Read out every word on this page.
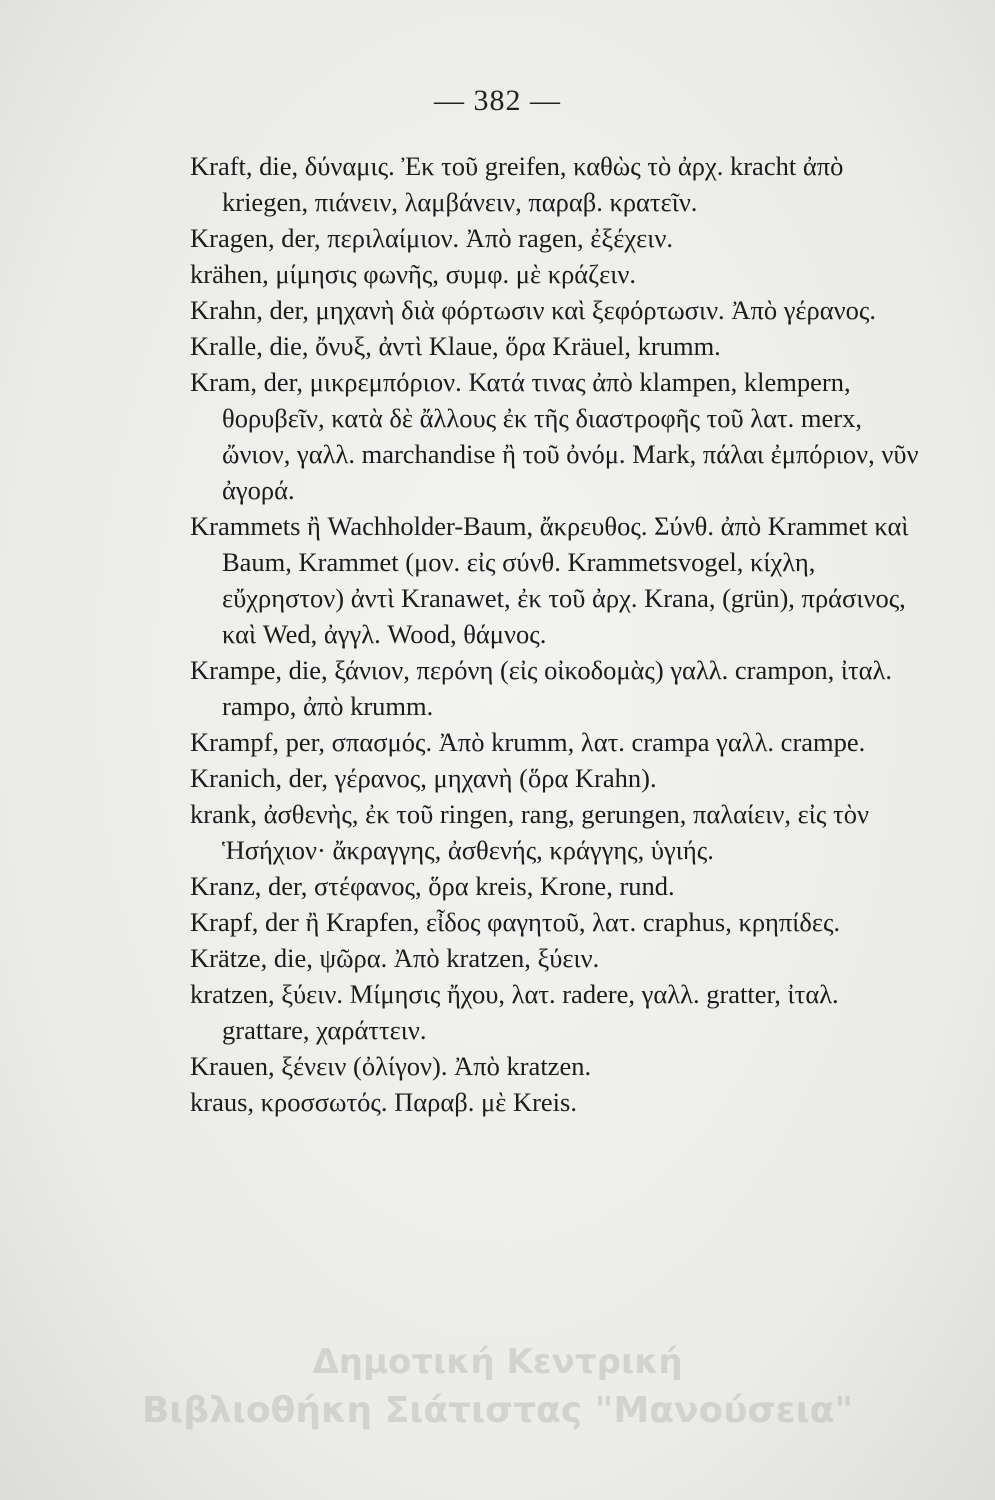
— 382 —

Kraft, die, δύναμις. Ἐκ τοῦ greifen, καθὼς τὸ ἀρχ. kracht ἀπὸ kriegen, πιάνειν, λαμβάνειν, παραβ. κρατεῖν.

Kragen, der, περιλαίμιον. Ἀπὸ ragen, ἐξέχειν.

krähen, μίμησις φωνῆς, συμφ. μὲ κράζειν.

Krahn, der, μηχανὴ διὰ φόρτωσιν καὶ ξεφόρτωσιν. Ἀπὸ γέρανος.

Kralle, die, ὄνυξ, ἀντὶ Klaue, ὅρα Kräuel, krumm.

Kram, der, μικρεμπόριον. Κατά τινας ἀπὸ klampen, klempern, θορυβεῖν, κατὰ δὲ ἄλλους ἐκ τῆς διαστροφῆς τοῦ λατ. merx, ὤνιον, γαλλ. marchandise ἢ τοῦ ὀνόμ. Mark, πάλαι ἐμπόριον, νῦν ἀγορά.

Krammets ἢ Wachholder-Baum, ἄκρευθος. Σύνθ. ἀπὸ Krammet καὶ Baum, Krammet (μον. εἰς σύνθ. Krammetsvogel, κίχλη, εὔχρηστον) ἀντὶ Kranawet, ἐκ τοῦ ἀρχ. Krana, (grün), πράσινος, καὶ Wed, ἀγγλ. Wood, θάμνος.

Krampe, die, ξάνιον, περόνη (εἰς οἰκοδομὰς) γαλλ. crampon, ἰταλ. rampo, ἀπὸ krumm.

Krampf, per, σπασμός. Ἀπὸ krumm, λατ. crampa γαλλ. crampe.

Kranich, der, γέρανος, μηχανὴ (ὅρα Krahn).

krank, ἀσθενὴς, ἐκ τοῦ ringen, rang, gerungen, παλαίειν, εἰς τὸν Ἡσήχιον· ἄκραγγης, ἀσθενής, κράγγης, ὑγιής.

Kranz, der, στέφανος, ὅρα kreis, Krone, rund.

Krapf, der ἢ Krapfen, εἶδος φαγητοῦ, λατ. craphus, κρηπίδες.

Krätze, die, ψῶρα. Ἀπὸ kratzen, ξύειν.

kratzen, ξύειν. Μίμησις ἤχου, λατ. radere, γαλλ. gratter, ἰταλ. grattare, χαράττειν.

Krauen, ξένειν (ὀλίγον). Ἀπὸ kratzen.

kraus, κροσσωτός. Παραβ. μὲ Kreis.

Δημοτική Κεντρική
Βιβλιοθήκη Σιάτιστας "Μανούσεια"
